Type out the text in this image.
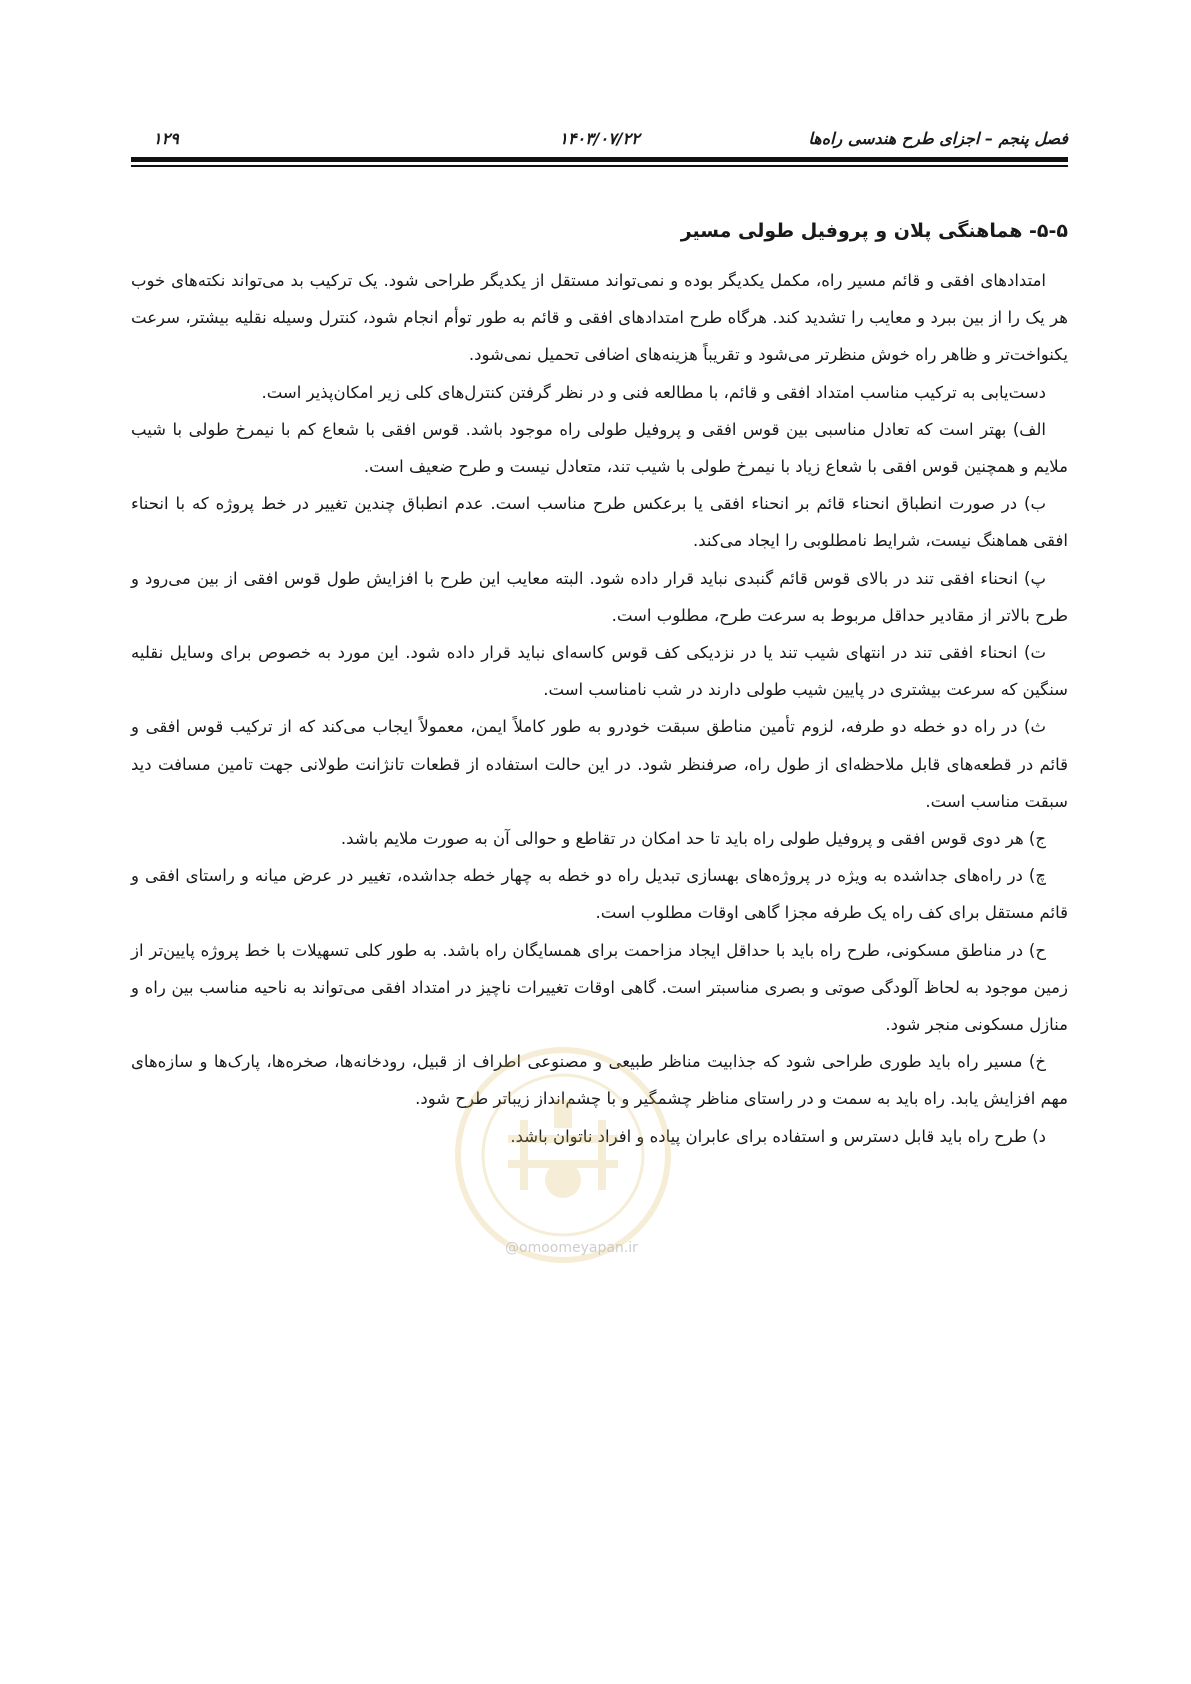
فصل پنجم – اجزای طرح هندسی راه‌ها
۱۴۰۳/۰۷/۲۲
۱۲۹
۵-۵- هماهنگی پلان و پروفیل طولی مسیر

امتدادهای افقی و قائم مسیر راه، مکمل یکدیگر بوده و نمی‌تواند مستقل از یکدیگر طراحی شود. یک ترکیب بد می‌تواند نکته‌های خوب هر یک را از بین ببرد و معایب را تشدید کند. هرگاه طرح امتدادهای افقی و قائم به طور توأم انجام شود، کنترل وسیله نقلیه بیشتر، سرعت یکنواخت‌تر و ظاهر راه خوش منظرتر می‌شود و تقریباً هزینه‌های اضافی تحمیل نمی‌شود.

دست‌یابی به ترکیب مناسب امتداد افقی و قائم، با مطالعه فنی و در نظر گرفتن کنترل‌های کلی زیر امکان‌پذیر است.

الف) بهتر است که تعادل مناسبی بین قوس افقی و پروفیل طولی راه موجود باشد. قوس افقی با شعاع کم با نیمرخ طولی با شیب ملایم و همچنین قوس افقی با شعاع زیاد با نیمرخ طولی با شیب تند، متعادل نیست و طرح ضعیف است.

ب) در صورت انطباق انحناء قائم بر انحناء افقی یا برعکس طرح مناسب است. عدم انطباق چندین تغییر در خط پروژه که با انحناء افقی هماهنگ نیست، شرایط نامطلوبی را ایجاد می‌کند.

پ) انحناء افقی تند در بالای قوس قائم گنبدی نباید قرار داده شود. البته معایب این طرح با افزایش طول قوس افقی از بین می‌رود و طرح بالاتر از مقادیر حداقل مربوط به سرعت طرح، مطلوب است.

ت) انحناء افقی تند در انتهای شیب تند یا در نزدیکی کف قوس کاسه‌ای نباید قرار داده شود. این مورد به خصوص برای وسایل نقلیه سنگین که سرعت بیشتری در پایین شیب طولی دارند در شب نامناسب است.

ث) در راه دو خطه دو طرفه، لزوم تأمین مناطق سبقت خودرو به طور کاملاً ایمن، معمولاً ایجاب می‌کند که از ترکیب قوس افقی و قائم در قطعه‌های قابل ملاحظه‌ای از طول راه، صرفنظر شود. در این حالت استفاده از قطعات تانژانت طولانی جهت تامین مسافت دید سبقت مناسب است.

ج) هر دوی قوس افقی و پروفیل طولی راه باید تا حد امکان در تقاطع و حوالی آن به صورت ملایم باشد.

چ) در راه‌های جداشده به ویژه در پروژه‌های بهسازی تبدیل راه دو خطه به چهار خطه جداشده، تغییر در عرض میانه و راستای افقی و قائم مستقل برای کف راه یک طرفه مجزا گاهی اوقات مطلوب است.

ح) در مناطق مسکونی، طرح راه باید با حداقل ایجاد مزاحمت برای همسایگان راه باشد. به طور کلی تسهیلات با خط پروژه پایین‌تر از زمین موجود به لحاظ آلودگی صوتی و بصری مناسبتر است. گاهی اوقات تغییرات ناچیز در امتداد افقی می‌تواند به ناحیه مناسب بین راه و منازل مسکونی منجر شود.

خ) مسیر راه باید طوری طراحی شود که جذابیت مناظر طبیعی و مصنوعی اطراف از قبیل، رودخانه‌ها، صخره‌ها، پارک‌ها و سازه‌های مهم افزایش یابد. راه باید به سمت و در راستای مناظر چشمگیر و با چشم‌انداز زیباتر طرح شود.

د) طرح راه باید قابل دسترس و استفاده برای عابران پیاده و افراد ناتوان باشد.

@omoomeyapan.ir
